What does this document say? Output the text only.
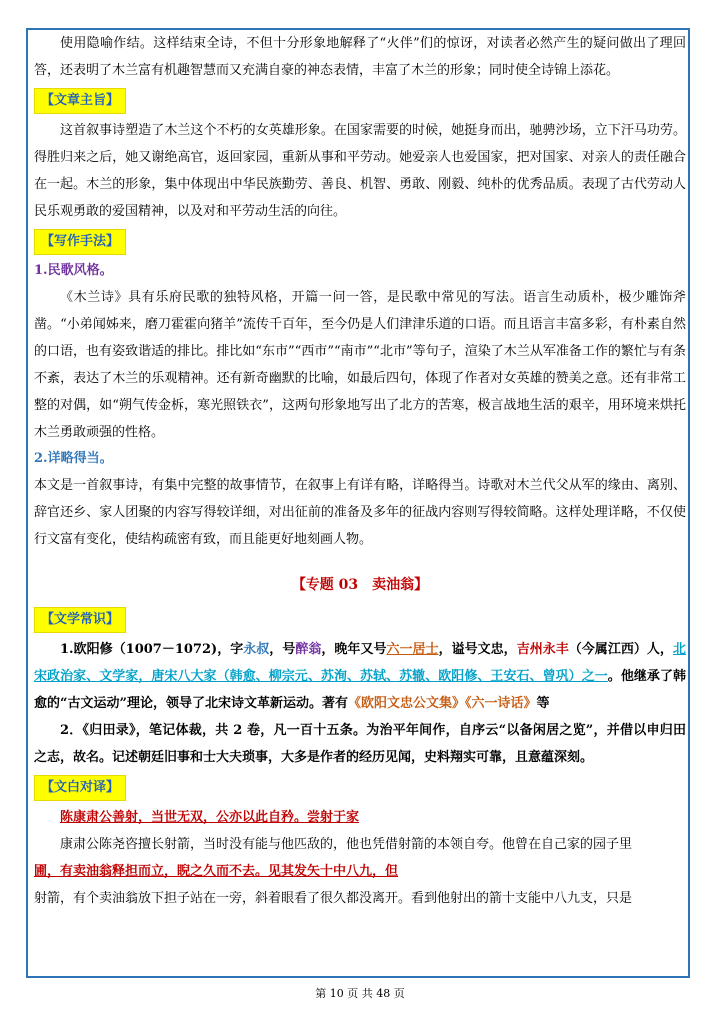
使用隐喻作结。这样结束全诗，不但十分形象地解释了“火伴”们的惊讶，对读者必然产生的疑问做出了理回答，还表明了木兰富有机趣智慧而又充满自豪的神态表情，丰富了木兰的形象；同时使全诗锦上添花。

【文章主旨】

这首叙事诗塑造了木兰这个不朽的女英雄形象。在国家需要的时候，她挺身而出，驰骋沙场，立下汗马功劳。得胜归来之后，她又谢绝高官，返回家园，重新从事和平劳动。她爱亲人也爱国家，把对国家、对亲人的责任融合在一起。木兰的形象，集中体现出中华民族勤劳、善良、机智、勇敢、刚毅、纯朴的优秀品质。表现了古代劳动人民乐观勇敢的爱国精神，以及对和平劳动生活的向往。

【写作手法】

1.民歌风格。

《木兰诗》具有乐府民歌的独特风格，开篇一问一答，是民歌中常见的写法。语言生动质朴，极少雕饰斧凿。“小弟闻姊来，磨刀霍霍向猪羊”流传千百年，至今仍是人们津津乐道的口语。而且语言丰富多彩，有朴素自然的口语，也有姿致谐适的排比。排比如“东市”“西市”“南市”“北市”等句子，渲染了木兰从军准备工作的繁忙与有条不紊，表达了木兰的乐观精神。还有新奇幽默的比喻，如最后四句，体现了作者对女英雄的赞美之意。还有非常工整的对偶，如“朔气传金柝，寒光照铁衣”，这两句形象地写出了北方的苦寒，极言战地生活的艰辛，用环境来烘托木兰勇敢顽强的性格。

2.详略得当。

本文是一首叙事诗，有集中完整的故事情节，在叙事上有详有略，详略得当。诗歌对木兰代父从军的缘由、离别、辞官还乡、家人团聚的内容写得较详细，对出征前的准备及多年的征战内容则写得较简略。这样处理详略，不仅使行文富有变化，使结构疏密有致，而且能更好地刻画人物。

【专题 03　卖油翁】
【文学常识】

1.欧阳修（1007－1072)，字永叔，号醉翁，晚年又号六一居士，谥号文忠，吉州永丰（今属江西）人，北宋政治家、文学家，唐宋八大家（韩愈、柳宗元、苏洵、苏轼、苏辙、欧阳修、王安石、曾巩）之一。他继承了韩愈的“古文运动”理论，领导了北宋诗文革新运动。著有《欧阳文忠公文集》《六一诗话》等

2．《归田录》，笔记体裁，共 2 卷，凡一百十五条。为治平年间作，自序云“以备闲居之览”，并借以申归田之志，故名。记述朝廷旧事和士大夫琐事，大多是作者的经历见闻，史料翔实可靠，且意蕴深刻。

【文白对译】

陈康肃公善射，当世无双，公亦以此自矜。尝射于家

康肃公陈尧咨擅长射箭，当时没有能与他匹敌的，他也凭借射箭的本领自夸。他曾在自己家的园子里

圃，有卖油翁释担而立，睨之久而不去。见其发矢十中八九，但

射箭，有个卖油翁放下担子站在一旁，斜着眼看了很久都没离开。看到他射出的箭十支能中八九支，只是

第 10 页 共 48 页
